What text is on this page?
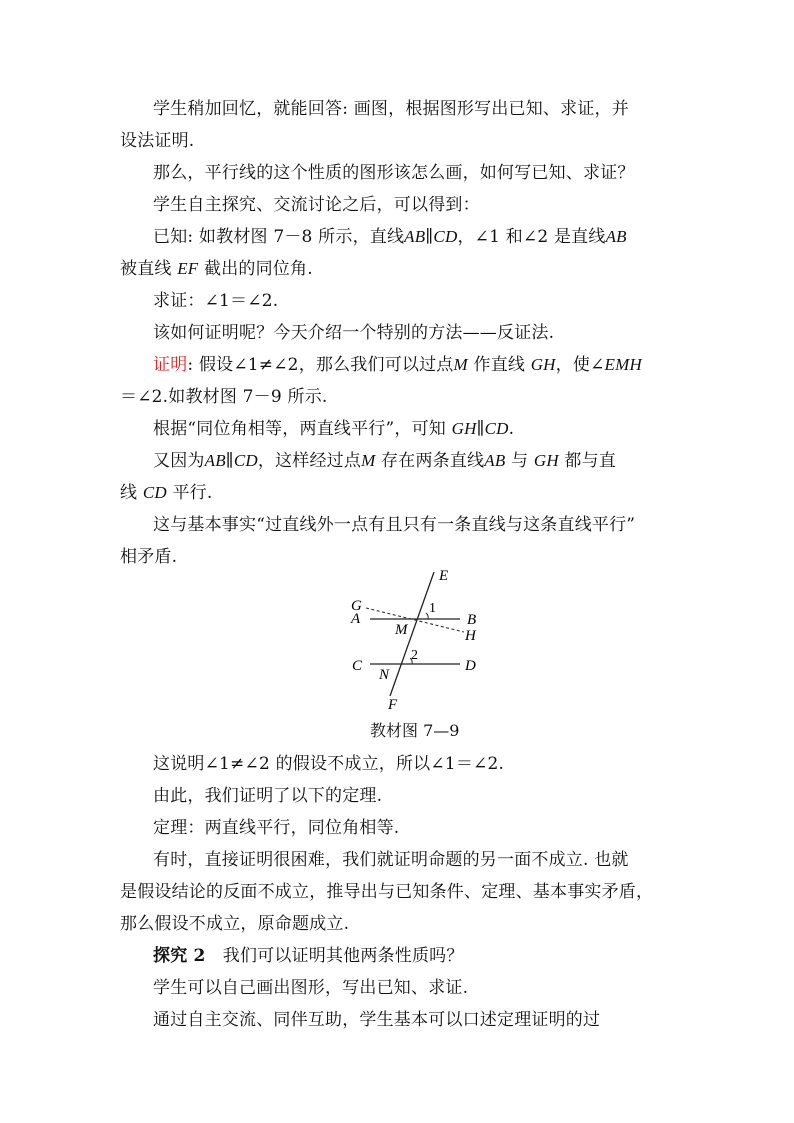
学生稍加回忆，就能回答: 画图，根据图形写出已知、求证，并
设法证明.
那么，平行线的这个性质的图形该怎么画，如何写已知、求证？
学生自主探究、交流讨论之后，可以得到：
已知: 如教材图 7－8 所示，直线AB∥CD，∠1 和∠2 是直线AB
被直线 EF 截出的同位角.
求证：∠1＝∠2.
该如何证明呢？今天介绍一个特别的方法——反证法.
证明: 假设∠1≠∠2，那么我们可以过点M 作直线 GH，使∠EMH
＝∠2.如教材图 7－9 所示.
根据“同位角相等，两直线平行”，可知 GH∥CD.
又因为AB∥CD，这样经过点M 存在两条直线AB 与 GH 都与直
线 CD 平行.
这与基本事实“过直线外一点有且只有一条直线与这条直线平行”
相矛盾.
E
G
A
1
M
B
H
2
C	D
N
F
教材图 7—9
这说明∠1≠∠2 的假设不成立，所以∠1＝∠2.
由此，我们证明了以下的定理.
定理：两直线平行，同位角相等.
有时，直接证明很困难，我们就证明命题的另一面不成立. 也就
是假设结论的反面不成立，推导出与已知条件、定理、基本事实矛盾，
那么假设不成立，原命题成立.
探究 2　我们可以证明其他两条性质吗？
学生可以自己画出图形，写出已知、求证.
通过自主交流、同伴互助，学生基本可以口述定理证明的过
